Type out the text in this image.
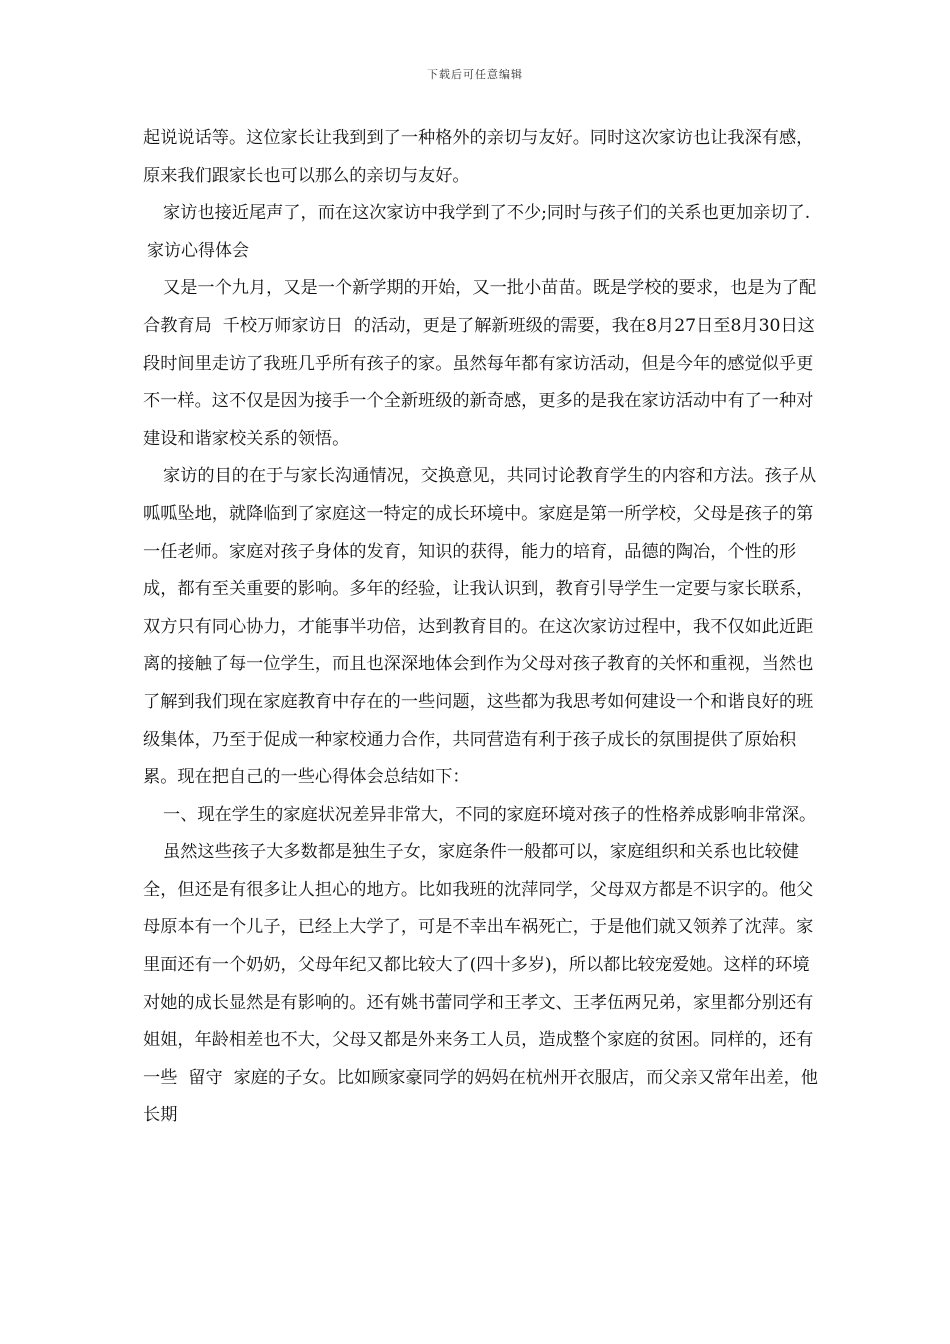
下载后可任意编辑

起说说话等。这位家长让我到到了一种格外的亲切与友好。同时这次家访也让我深有感，原来我们跟家长也可以那么的亲切与友好。

家访也接近尾声了，而在这次家访中我学到了不少;同时与孩子们的关系也更加亲切了.

家访心得体会

又是一个九月，又是一个新学期的开始，又一批小苗苗。既是学校的要求，也是为了配合教育局  千校万师家访日  的活动，更是了解新班级的需要，我在8月27日至8月30日这段时间里走访了我班几乎所有孩子的家。虽然每年都有家访活动，但是今年的感觉似乎更不一样。这不仅是因为接手一个全新班级的新奇感，更多的是我在家访活动中有了一种对建设和谐家校关系的领悟。

家访的目的在于与家长沟通情况，交换意见，共同讨论教育学生的内容和方法。孩子从呱呱坠地，就降临到了家庭这一特定的成长环境中。家庭是第一所学校，父母是孩子的第一任老师。家庭对孩子身体的发育，知识的获得，能力的培育，品德的陶冶，个性的形成，都有至关重要的影响。多年的经验，让我认识到，教育引导学生一定要与家长联系，双方只有同心协力，才能事半功倍，达到教育目的。在这次家访过程中，我不仅如此近距离的接触了每一位学生，而且也深深地体会到作为父母对孩子教育的关怀和重视，当然也了解到我们现在家庭教育中存在的一些问题，这些都为我思考如何建设一个和谐良好的班级集体，乃至于促成一种家校通力合作，共同营造有利于孩子成长的氛围提供了原始积累。现在把自己的一些心得体会总结如下：

一、现在学生的家庭状况差异非常大，不同的家庭环境对孩子的性格养成影响非常深。

虽然这些孩子大多数都是独生子女，家庭条件一般都可以，家庭组织和关系也比较健全，但还是有很多让人担心的地方。比如我班的沈萍同学，父母双方都是不识字的。他父母原本有一个儿子，已经上大学了，可是不幸出车祸死亡，于是他们就又领养了沈萍。家里面还有一个奶奶，父母年纪又都比较大了(四十多岁)，所以都比较宠爱她。这样的环境对她的成长显然是有影响的。还有姚书蕾同学和王孝文、王孝伍两兄弟，家里都分别还有姐姐，年龄相差也不大，父母又都是外来务工人员，造成整个家庭的贫困。同样的，还有一些  留守  家庭的子女。比如顾家豪同学的妈妈在杭州开衣服店，而父亲又常年出差，他长期
